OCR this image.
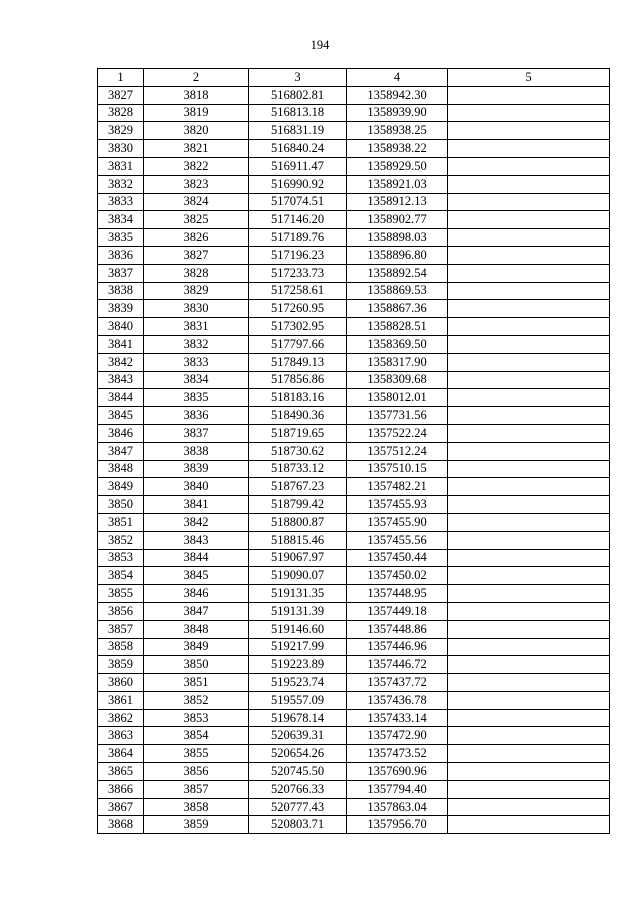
194
1	2	3	4	5
3827	3818	516802.81	1358942.30	
3828	3819	516813.18	1358939.90	
3829	3820	516831.19	1358938.25	
3830	3821	516840.24	1358938.22	
3831	3822	516911.47	1358929.50	
3832	3823	516990.92	1358921.03	
3833	3824	517074.51	1358912.13	
3834	3825	517146.20	1358902.77	
3835	3826	517189.76	1358898.03	
3836	3827	517196.23	1358896.80	
3837	3828	517233.73	1358892.54	
3838	3829	517258.61	1358869.53	
3839	3830	517260.95	1358867.36	
3840	3831	517302.95	1358828.51	
3841	3832	517797.66	1358369.50	
3842	3833	517849.13	1358317.90	
3843	3834	517856.86	1358309.68	
3844	3835	518183.16	1358012.01	
3845	3836	518490.36	1357731.56	
3846	3837	518719.65	1357522.24	
3847	3838	518730.62	1357512.24	
3848	3839	518733.12	1357510.15	
3849	3840	518767.23	1357482.21	
3850	3841	518799.42	1357455.93	
3851	3842	518800.87	1357455.90	
3852	3843	518815.46	1357455.56	
3853	3844	519067.97	1357450.44	
3854	3845	519090.07	1357450.02	
3855	3846	519131.35	1357448.95	
3856	3847	519131.39	1357449.18	
3857	3848	519146.60	1357448.86	
3858	3849	519217.99	1357446.96	
3859	3850	519223.89	1357446.72	
3860	3851	519523.74	1357437.72	
3861	3852	519557.09	1357436.78	
3862	3853	519678.14	1357433.14	
3863	3854	520639.31	1357472.90	
3864	3855	520654.26	1357473.52	
3865	3856	520745.50	1357690.96	
3866	3857	520766.33	1357794.40	
3867	3858	520777.43	1357863.04	
3868	3859	520803.71	1357956.70	
